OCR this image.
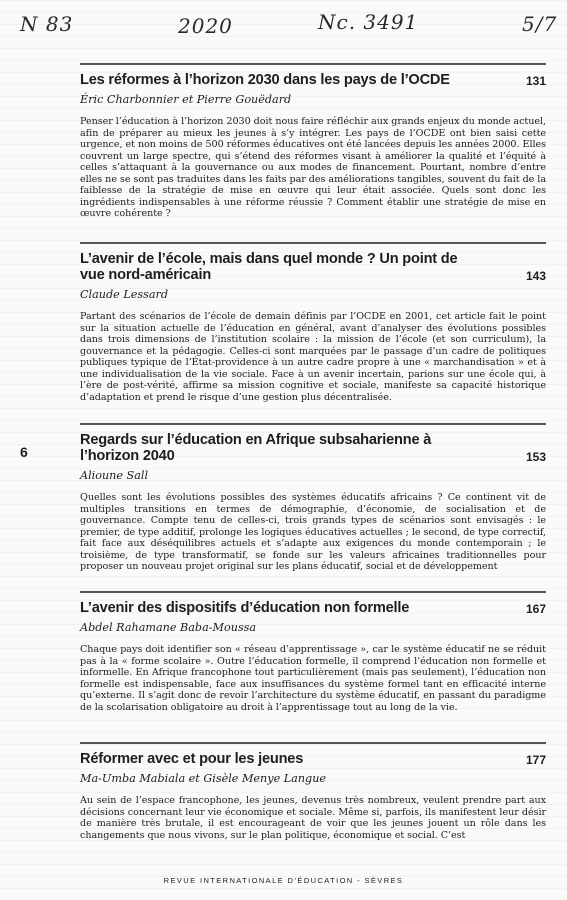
N 83	2020	Nc. 3491	5/7
6
Les réformes à l’horizon 2030 dans les pays de l’OCDE	131
Éric Charbonnier et Pierre Gouëdard
Penser l’éducation à l’horizon 2030 doit nous faire réfléchir aux grands enjeux du monde actuel, afin de préparer au mieux les jeunes à s’y intégrer. Les pays de l’OCDE ont bien saisi cette urgence, et non moins de 500 réformes éducatives ont été lancées depuis les années 2000. Elles couvrent un large spectre, qui s’étend des réformes visant à améliorer la qualité et l’équité à celles s’attaquant à la gouvernance ou aux modes de financement. Pourtant, nombre d’entre elles ne se sont pas traduites dans les faits par des améliorations tangibles, souvent du fait de la faiblesse de la stratégie de mise en œuvre qui leur était associée. Quels sont donc les ingrédients indispensables à une réforme réussie ? Comment établir une stratégie de mise en œuvre cohérente ?
L’avenir de l’école, mais dans quel monde ? Un point de vue nord-américain	143
Claude Lessard
Partant des scénarios de l’école de demain définis par l’OCDE en 2001, cet article fait le point sur la situation actuelle de l’éducation en général, avant d’analyser des évolutions possibles dans trois dimensions de l’institution scolaire : la mission de l’école (et son curriculum), la gouvernance et la pédagogie. Celles-ci sont marquées par le passage d’un cadre de politiques publiques typique de l’État-providence à un autre cadre propre à une « marchandisation » et à une individualisation de la vie sociale. Face à un avenir incertain, parions sur une école qui, à l’ère de post-vérité, affirme sa mission cognitive et sociale, manifeste sa capacité historique d’adaptation et prend le risque d’une gestion plus décentralisée.
Regards sur l’éducation en Afrique subsaharienne à l’horizon 2040	153
Alioune Sall
Quelles sont les évolutions possibles des systèmes éducatifs africains ? Ce continent vit de multiples transitions en termes de démographie, d’économie, de socialisation et de gouvernance. Compte tenu de celles-ci, trois grands types de scénarios sont envisagés : le premier, de type additif, prolonge les logiques éducatives actuelles ; le second, de type correctif, fait face aux déséquilibres actuels et s’adapte aux exigences du monde contemporain ; le troisième, de type transformatif, se fonde sur les valeurs africaines traditionnelles pour proposer un nouveau projet original sur les plans éducatif, social et de développement
L’avenir des dispositifs d’éducation non formelle	167
Abdel Rahamane Baba-Moussa
Chaque pays doit identifier son « réseau d’apprentissage », car le système éducatif ne se réduit pas à la « forme scolaire ». Outre l’éducation formelle, il comprend l’éducation non formelle et informelle. En Afrique francophone tout particulièrement (mais pas seulement), l’éducation non formelle est indispensable, face aux insuffisances du système formel tant en efficacité interne qu’externe. Il s’agit donc de revoir l’architecture du système éducatif, en passant du paradigme de la scolarisation obligatoire au droit à l’apprentissage tout au long de la vie.
Réformer avec et pour les jeunes	177
Ma-Umba Mabiala et Gisèle Menye Langue
Au sein de l’espace francophone, les jeunes, devenus très nombreux, veulent prendre part aux décisions concernant leur vie économique et sociale. Même si, parfois, ils manifestent leur désir de manière très brutale, il est encourageant de voir que les jeunes jouent un rôle dans les changements que nous vivons, sur le plan politique, économique et social. C’est
REVUE INTERNATIONALE D’ÉDUCATION - SÈVRES
